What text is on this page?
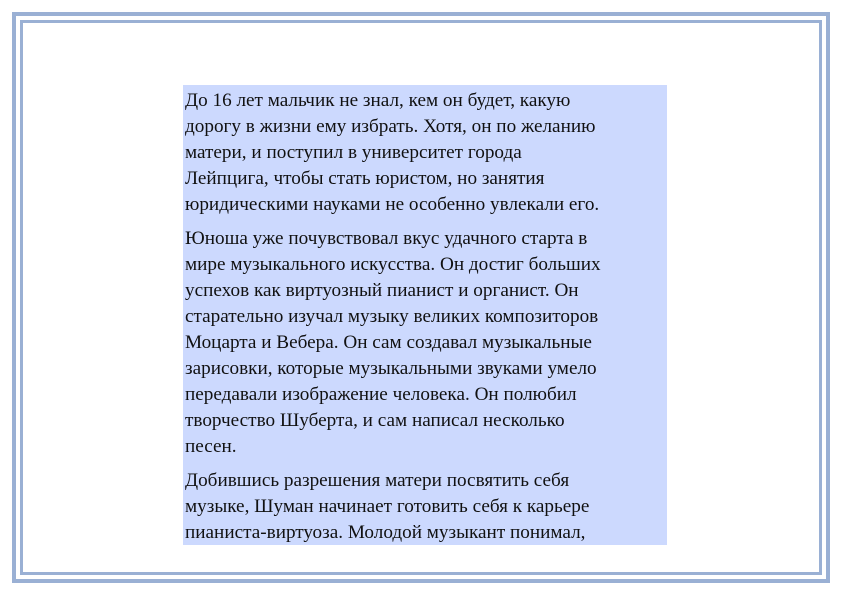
До 16 лет мальчик не знал, кем он будет, какую
дорогу в жизни ему избрать. Хотя, он по желанию
матери, и поступил в университет города
Лейпцига, чтобы стать юристом, но занятия
юридическими науками не особенно увлекали его.

Юноша уже почувствовал вкус удачного старта в
мире музыкального искусства. Он достиг больших
успехов как виртуозный пианист и органист. Он
старательно изучал музыку великих композиторов
Моцарта и Вебера. Он сам создавал музыкальные
зарисовки, которые музыкальными звуками умело
передавали изображение человека. Он полюбил
творчество Шуберта, и сам написал несколько
песен.

Добившись разрешения матери посвятить себя
музыке, Шуман начинает готовить себя к карьере
пианиста-виртуоза. Молодой музыкант понимал,
